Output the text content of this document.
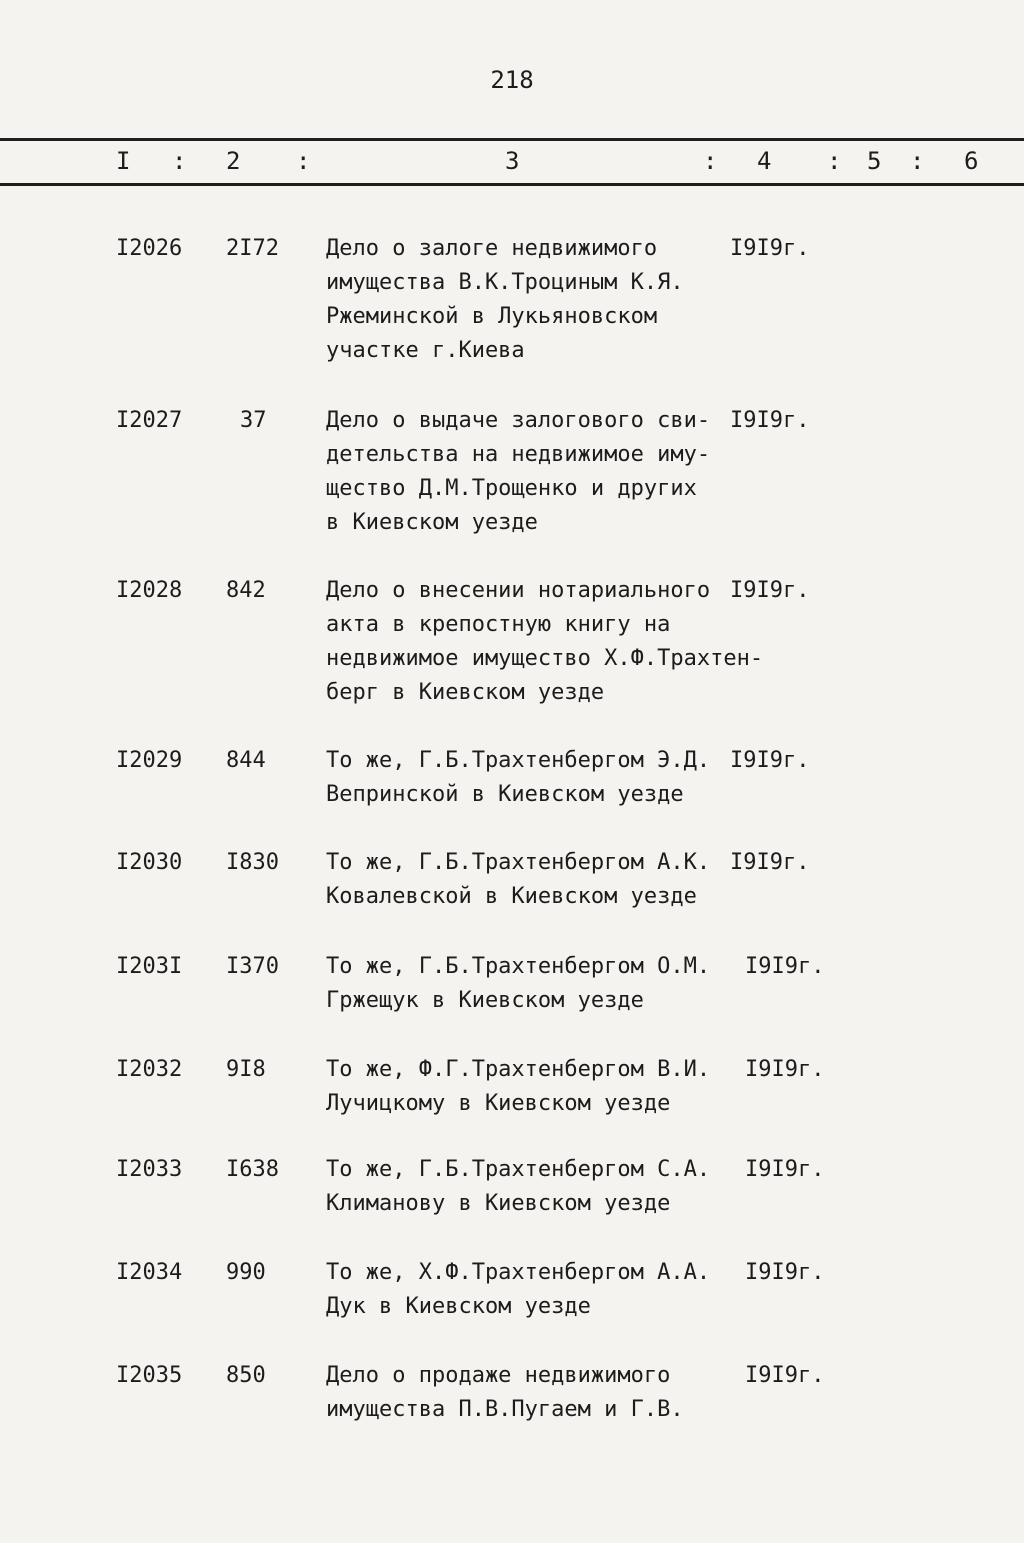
218
I : 2 :	3	: 4 : 5 : 6
I2026 2I72 Дело о залоге недвижимого
имущества В.К.Троциным К.Я.
Ржеминской в Лукьяновском
участке г.Киева
I9I9г.
I2027	37	Дело о выдаче залогового сви-
детельства на недвижимое иму-
щество Д.М.Трощенко и других
в Киевском уезде
I9I9г.
I2028 842	Дело о внесении нотариального
акта в крепостную книгу на
недвижимое имущество Х.Ф.Трахтен-
берг в Киевском уезде
I9I9г.
I2029 844	То же, Г.Б.Трахтенбергом Э.Д.
Вепринской в Киевском уезде
I9I9г.
I2030 I830 То же, Г.Б.Трахтенбергом А.К.
Ковалевской в Киевском уезде
I9I9г.
I203I I370 То же, Г.Б.Трахтенбергом О.М.
Гржещук в Киевском уезде
I9I9г.
I2032 9I8	То же, Ф.Г.Трахтенбергом В.И.
Лучицкому в Киевском уезде
I9I9г.
I2033 I638 То же, Г.Б.Трахтенбергом С.А.
Климанову в Киевском уезде
I9I9г.
I2034 990	То же, Х.Ф.Трахтенбергом А.А.
Дук в Киевском уезде
I9I9г.
I2035 850	Дело о продаже недвижимого
имущества П.В.Пугаем и Г.В.
I9I9г.
